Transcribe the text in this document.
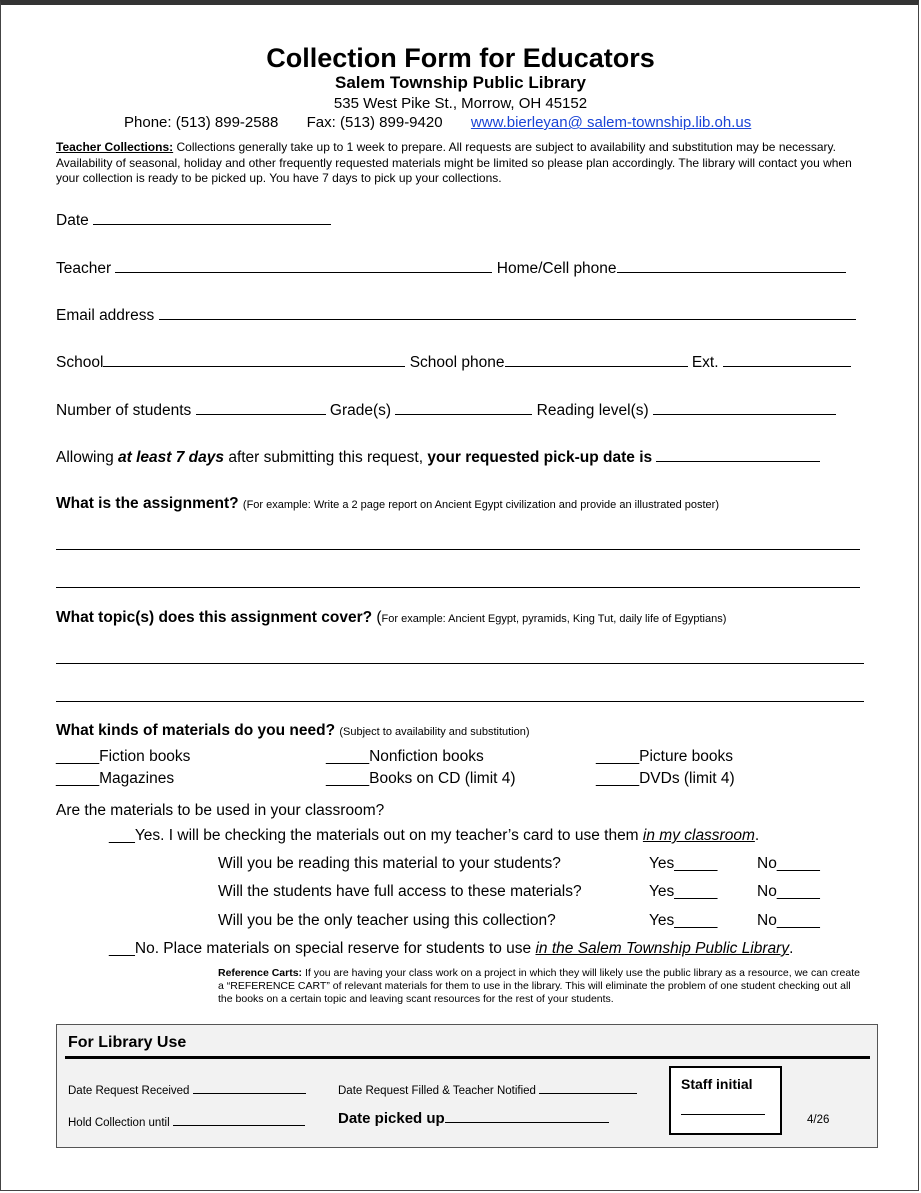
Collection Form for Educators
Salem Township Public Library
535 West Pike St., Morrow, OH 45152
Phone: (513) 899-2588 Fax: (513) 899-9420 www.bierleyan@ salem-township.lib.oh.us
Teacher Collections: Collections generally take up to 1 week to prepare. All requests are subject to availability and substitution may be necessary. Availability of seasonal, holiday and other frequently requested materials might be limited so please plan accordingly. The library will contact you when your collection is ready to be picked up. You have 7 days to pick up your collections.
Date
Teacher	Home/Cell phone
Email address
School	School phone	Ext.
Number of students	Grade(s)	Reading level(s)
Allowing at least 7 days after submitting this request, your requested pick-up date is
What is the assignment? (For example: Write a 2 page report on Ancient Egypt civilization and provide an illustrated poster)
What topic(s) does this assignment cover? (For example: Ancient Egypt, pyramids, King Tut, daily life of Egyptians)
What kinds of materials do you need? (Subject to availability and substitution)
_____Fiction books	_____Nonfiction books	_____Picture books
_____Magazines	_____Books on CD (limit 4)	_____DVDs (limit 4)
Are the materials to be used in your classroom?
___Yes. I will be checking the materials out on my teacher’s card to use them in my classroom.
Will you be reading this material to your students?	Yes_____	No_____
Will the students have full access to these materials?	Yes_____	No_____
Will you be the only teacher using this collection?	Yes_____	No_____
___No. Place materials on special reserve for students to use in the Salem Township Public Library.
Reference Carts: If you are having your class work on a project in which they will likely use the public library as a resource, we can create a “REFERENCE CART” of relevant materials for them to use in the library. This will eliminate the problem of one student checking out all the books on a certain topic and leaving scant resources for the rest of your students.
For Library Use
Date Request Received	Date Request Filled & Teacher Notified
Hold Collection until	Date picked up
Staff initial
4/26
